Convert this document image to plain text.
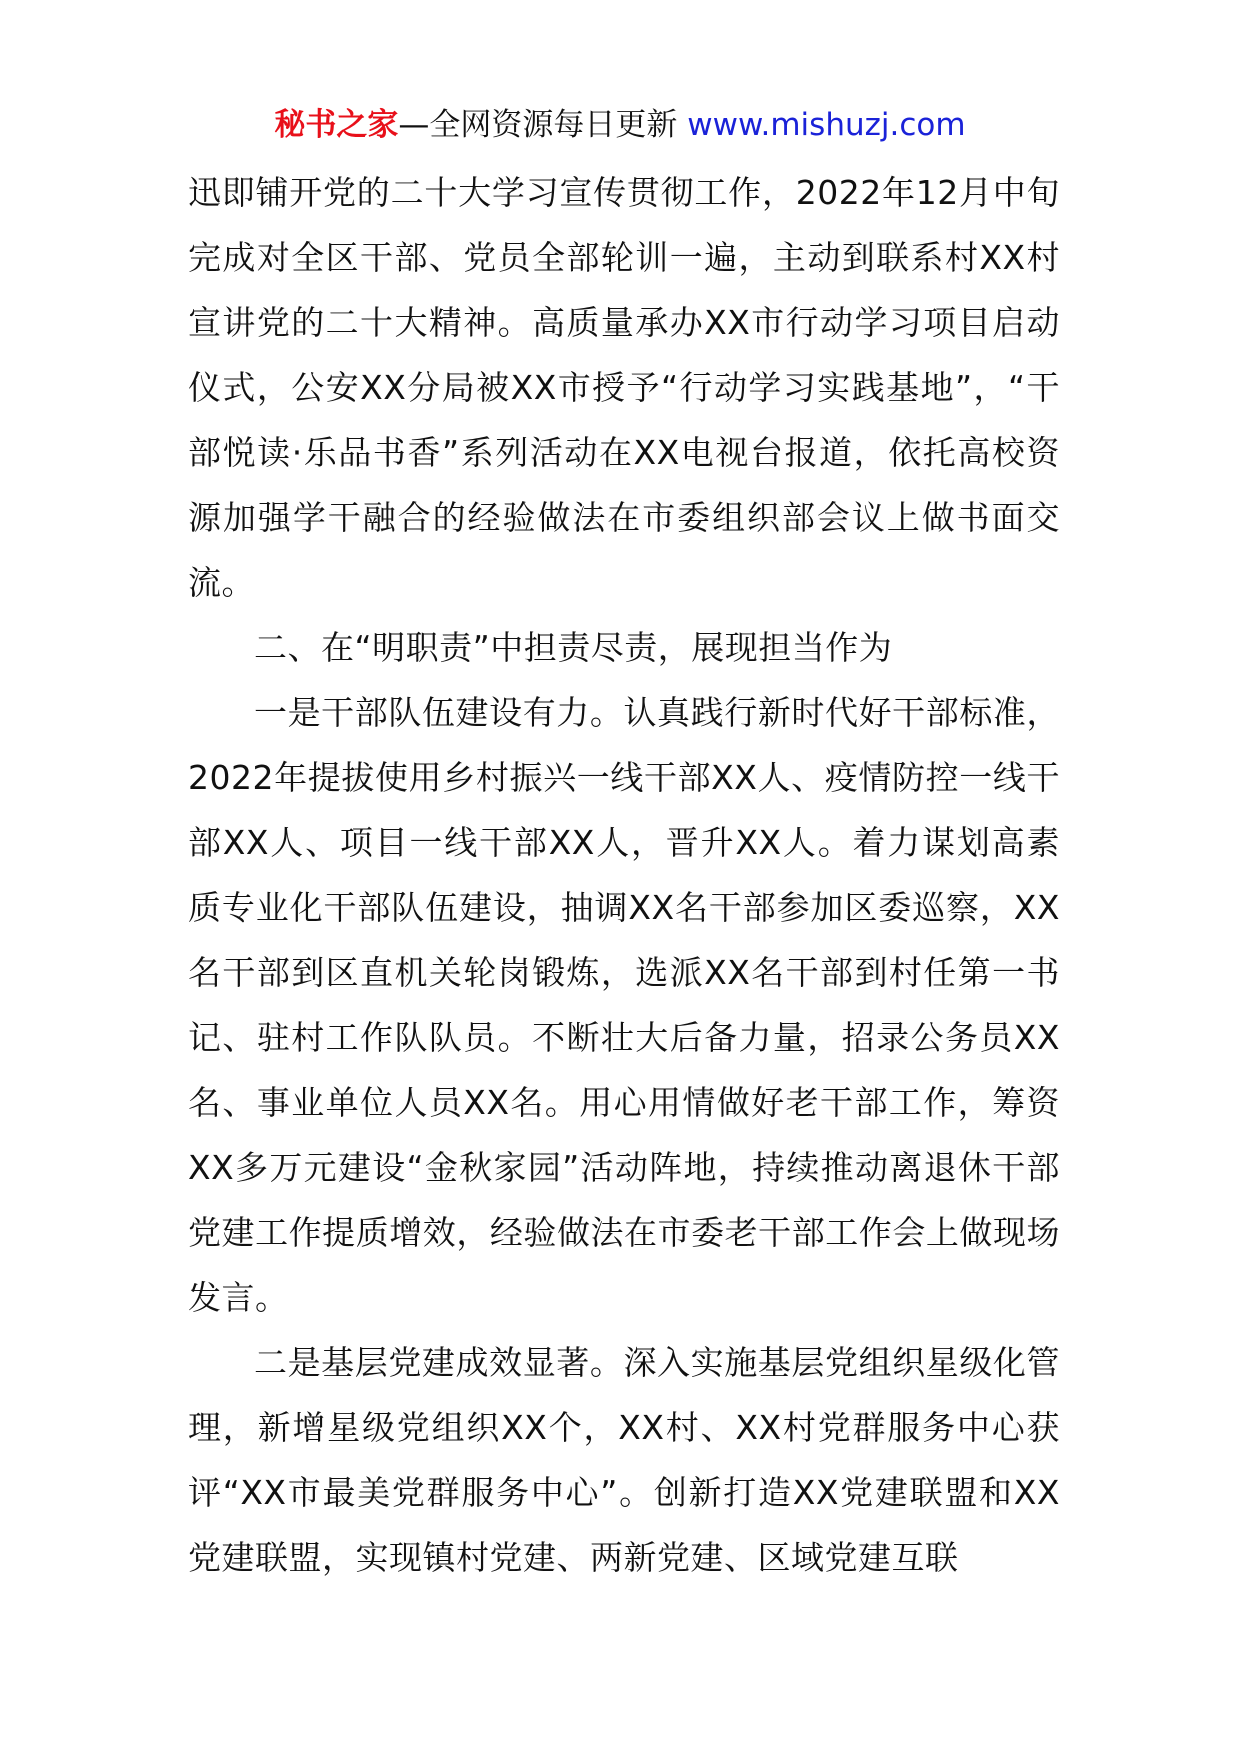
秘书之家—全网资源每日更新 www.mishuzj.com

迅即铺开党的二十大学习宣传贯彻工作，2022年12月中旬完成对全区干部、党员全部轮训一遍，主动到联系村XX村宣讲党的二十大精神。高质量承办XX市行动学习项目启动仪式，公安XX分局被XX市授予“行动学习实践基地”，“干部悦读·乐品书香”系列活动在XX电视台报道，依托高校资源加强学干融合的经验做法在市委组织部会议上做书面交流。

二、在“明职责”中担责尽责，展现担当作为

一是干部队伍建设有力。认真践行新时代好干部标准，2022年提拔使用乡村振兴一线干部XX人、疫情防控一线干部XX人、项目一线干部XX人，晋升XX人。着力谋划高素质专业化干部队伍建设，抽调XX名干部参加区委巡察，XX名干部到区直机关轮岗锻炼，选派XX名干部到村任第一书记、驻村工作队队员。不断壮大后备力量，招录公务员XX名、事业单位人员XX名。用心用情做好老干部工作，筹资XX多万元建设“金秋家园”活动阵地，持续推动离退休干部党建工作提质增效，经验做法在市委老干部工作会上做现场发言。

二是基层党建成效显著。深入实施基层党组织星级化管理，新增星级党组织XX个，XX村、XX村党群服务中心获评“XX市最美党群服务中心”。创新打造XX党建联盟和XX党建联盟，实现镇村党建、两新党建、区域党建互联
